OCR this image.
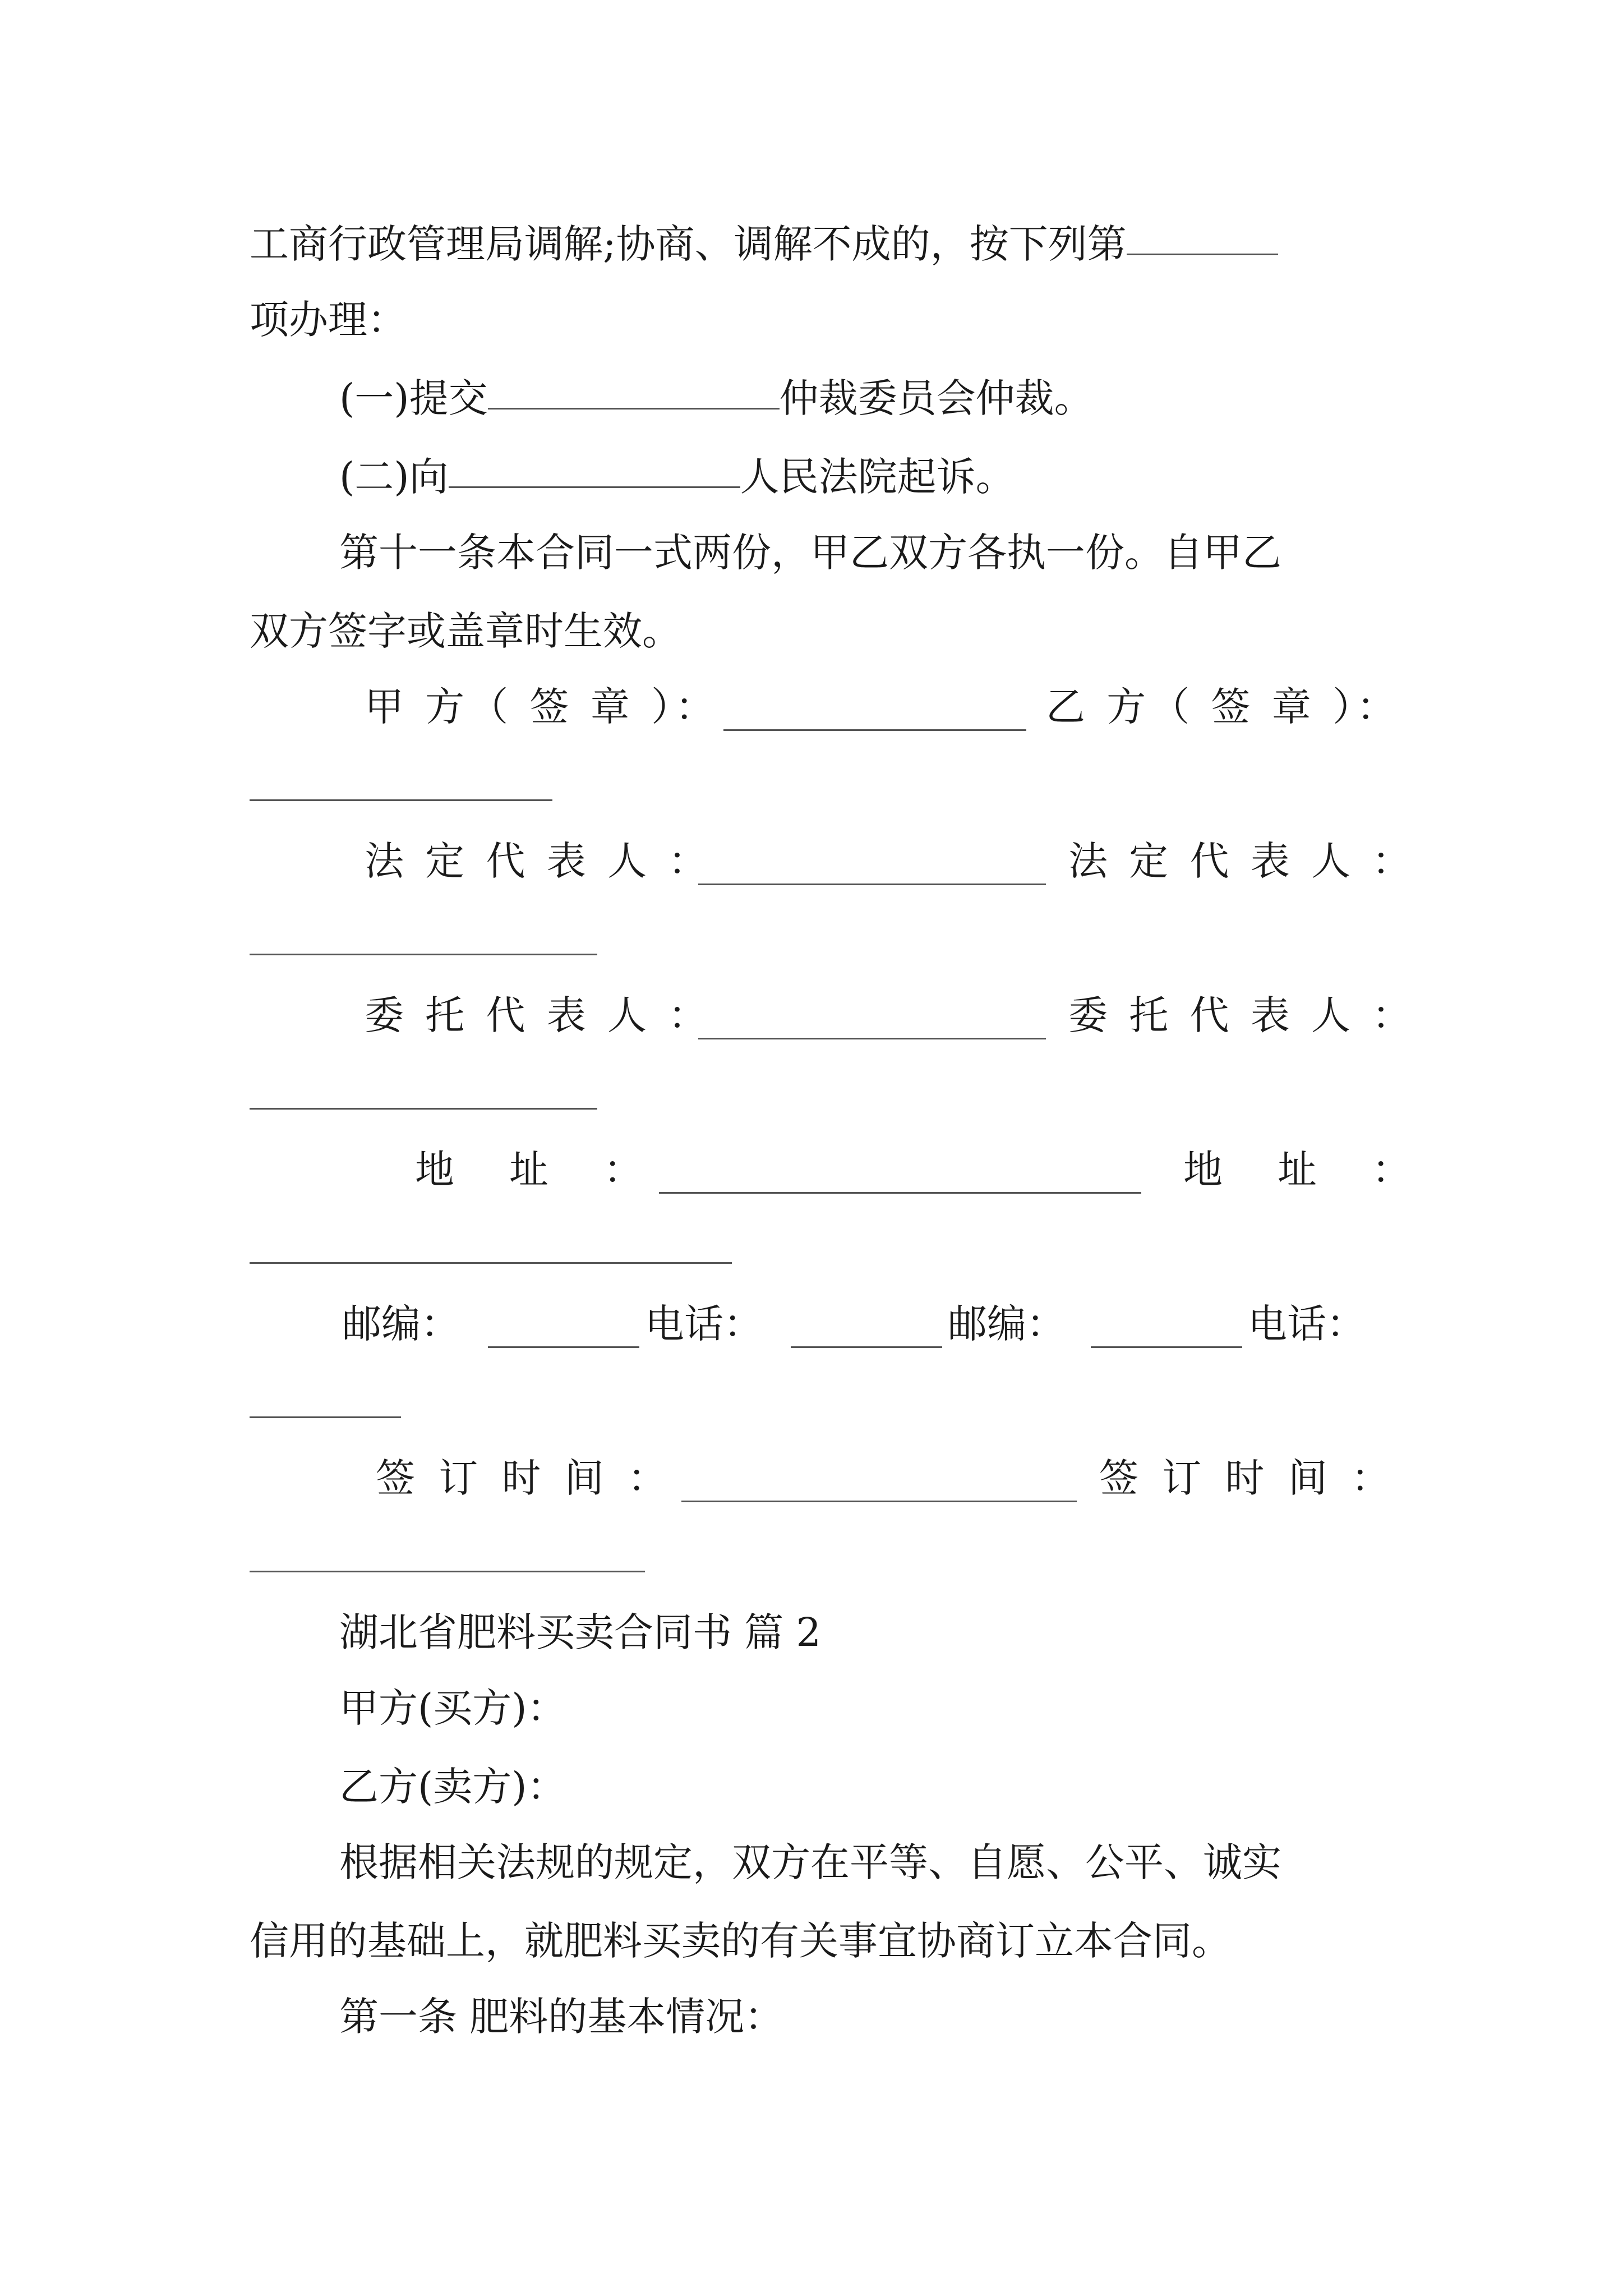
工商行政管理局调解;协商、调解不成的，按下列第
项办理：
(一)提交	仲裁委员会仲裁。
(二)向	人民法院起诉。
第十一条本合同一式两份，甲乙双方各执一份。自甲乙
双方签字或盖章时生效。
甲 方（ 签 章 ）：	乙 方（ 签 章 ）：
法 定 代 表 人 ：	法 定 代 表 人 ：
委 托 代 表 人 ：	委 托 代 表 人 ：
地　址　：	地　址　：
邮编：	电话：	邮编：	电话：
签 订 时 间 ：	签 订 时 间 ：
湖北省肥料买卖合同书 篇 2
甲方(买方)：
乙方(卖方)：
根据相关法规的规定，双方在平等、自愿、公平、诚实
信用的基础上，就肥料买卖的有关事宜协商订立本合同。
第一条 肥料的基本情况：
